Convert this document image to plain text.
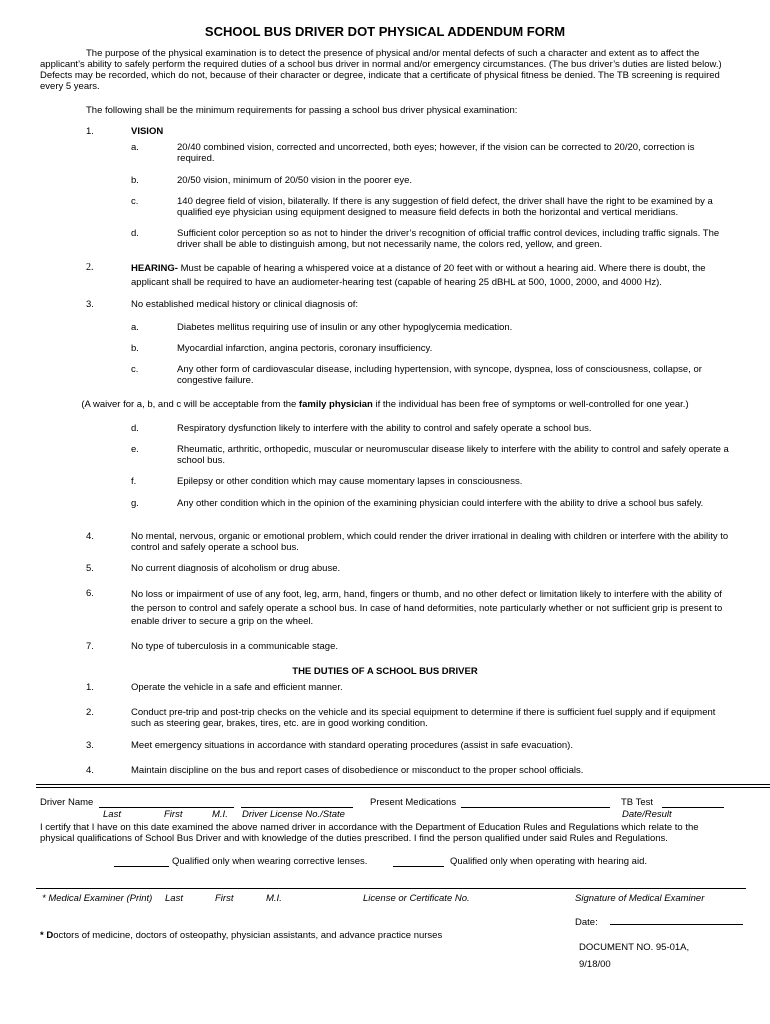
SCHOOL BUS DRIVER DOT PHYSICAL ADDENDUM FORM
The purpose of the physical examination is to detect the presence of physical and/or mental defects of such a character and extent as to affect the applicant’s ability to safely perform the required duties of a school bus driver in normal and/or emergency circumstances. (The bus driver’s duties are listed below.) Defects may be recorded, which do not, because of their character or degree, indicate that a certificate of physical fitness be denied. The TB screening is required every 5 years.
The following shall be the minimum requirements for passing a school bus driver physical examination:
1.	VISION
a.	20/40 combined vision, corrected and uncorrected, both eyes; however, if the vision can be corrected to 20/20, correction is required.
b.	20/50 vision, minimum of 20/50 vision in the poorer eye.
c.	140 degree field of vision, bilaterally. If there is any suggestion of field defect, the driver shall have the right to be examined by a qualified eye physician using equipment designed to measure field defects in both the horizontal and vertical meridians.
d.	Sufficient color perception so as not to hinder the driver’s recognition of official traffic control devices, including traffic signals. The driver shall be able to distinguish among, but not necessarily name, the colors red, yellow, and green.
2.	HEARING- Must be capable of hearing a whispered voice at a distance of 20 feet with or without a hearing aid. Where there is doubt, the applicant shall be required to have an audiometer-hearing test (capable of hearing 25 dBHL at 500, 1000, 2000, and 4000 Hz).
3.	No established medical history or clinical diagnosis of:
a.	Diabetes mellitus requiring use of insulin or any other hypoglycemia medication.
b.	Myocardial infarction, angina pectoris, coronary insufficiency.
c.	Any other form of cardiovascular disease, including hypertension, with syncope, dyspnea, loss of consciousness, collapse, or congestive failure.
(A waiver for a, b, and c will be acceptable from the family physician if the individual has been free of symptoms or well-controlled for one year.)
d.	Respiratory dysfunction likely to interfere with the ability to control and safely operate a school bus.
e.	Rheumatic, arthritic, orthopedic, muscular or neuromuscular disease likely to interfere with the ability to control and safely operate a school bus.
f.	Epilepsy or other condition which may cause momentary lapses in consciousness.
g.	Any other condition which in the opinion of the examining physician could interfere with the ability to drive a school bus safely.
4.	No mental, nervous, organic or emotional problem, which could render the driver irrational in dealing with children or interfere with the ability to control and safely operate a school bus.
5.	No current diagnosis of alcoholism or drug abuse.
6.	No loss or impairment of use of any foot, leg, arm, hand, fingers or thumb, and no other defect or limitation likely to interfere with the ability of the person to control and safely operate a school bus. In case of hand deformities, note particularly whether or not sufficient grip is present to enable driver to secure a grip on the wheel.
7.	No type of tuberculosis in a communicable stage.
THE DUTIES OF A SCHOOL BUS DRIVER
1.	Operate the vehicle in a safe and efficient manner.
2.	Conduct pre-trip and post-trip checks on the vehicle and its special equipment to determine if there is sufficient fuel supply and if equipment such as steering gear, brakes, tires, etc. are in good working condition.
3.	Meet emergency situations in accordance with standard operating procedures (assist in safe evacuation).
4.	Maintain discipline on the bus and report cases of disobedience or misconduct to the proper school officials.
Driver Name	Present Medications	TB Test
Last	First	M.I. Driver License No./State	Date/Result
I certify that I have on this date examined the above named driver in accordance with the Department of Education Rules and Regulations which relate to the physical qualifications of School Bus Driver and with knowledge of the duties prescribed. I find the person qualified under said Rules and Regulations.
Qualified only when wearing corrective lenses.	Qualified only when operating with hearing aid.
* Medical Examiner (Print) Last	First	M.I.	License or Certificate No.	Signature of Medical Examiner
Date:
* Doctors of medicine, doctors of osteopathy, physician assistants, and advance practice nurses
DOCUMENT NO. 95-01A,
9/18/00
